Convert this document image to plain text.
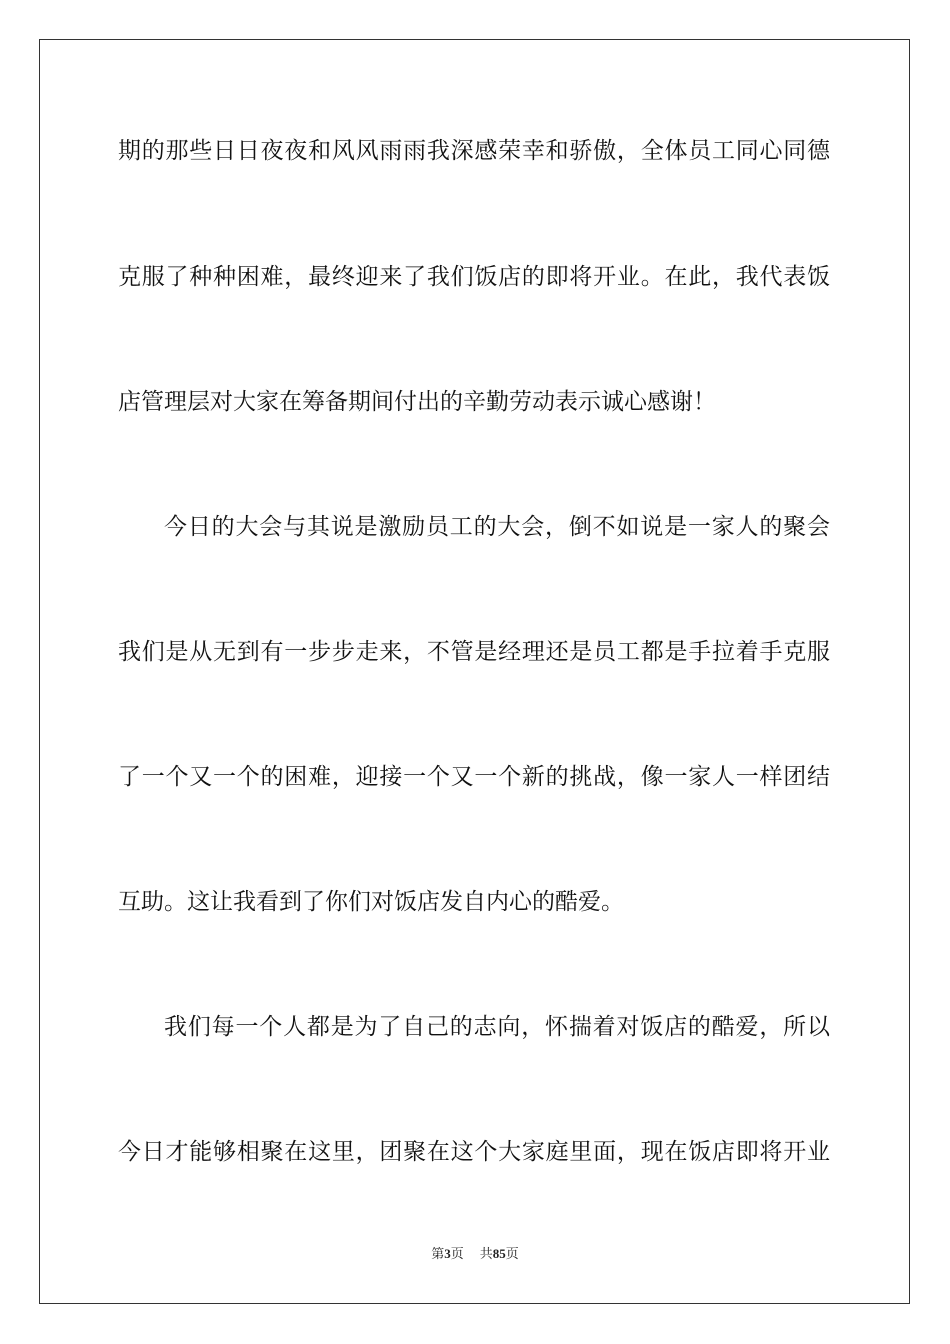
期的那些日日夜夜和风风雨雨我深感荣幸和骄傲，全体员工同心同德
克服了种种困难，最终迎来了我们饭店的即将开业。在此，我代表饭
店管理层对大家在筹备期间付出的辛勤劳动表示诚心感谢！
今日的大会与其说是激励员工的大会，倒不如说是一家人的聚会
我们是从无到有一步步走来，不管是经理还是员工都是手拉着手克服
了一个又一个的困难，迎接一个又一个新的挑战，像一家人一样团结
互助。这让我看到了你们对饭店发自内心的酷爱。
我们每一个人都是为了自己的志向，怀揣着对饭店的酷爱，所以
今日才能够相聚在这里，团聚在这个大家庭里面，现在饭店即将开业
第3页 共85页
